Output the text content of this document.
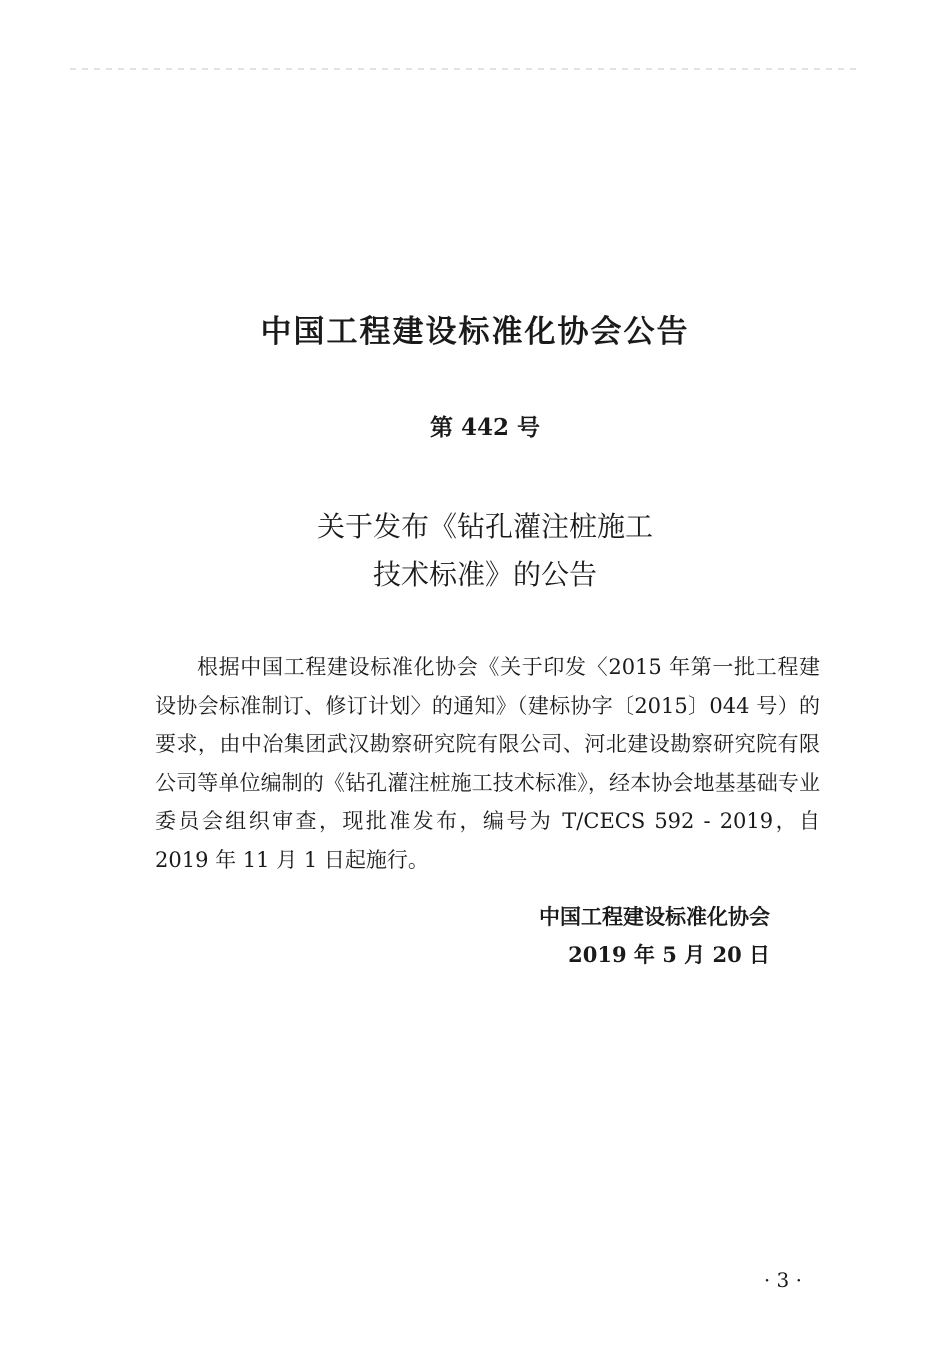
中国工程建设标准化协会公告
第 442 号
关于发布《钻孔灌注桩施工
技术标准》的公告
根据中国工程建设标准化协会《关于印发〈2015 年第一批工程建设协会标准制订、修订计划〉的通知》（建标协字〔2015〕044 号）的要求，由中冶集团武汉勘察研究院有限公司、河北建设勘察研究院有限公司等单位编制的《钻孔灌注桩施工技术标准》，经本协会地基基础专业委员会组织审查，现批准发布，编号为 T/CECS 592 - 2019，自 2019 年 11 月 1 日起施行。
中国工程建设标准化协会
2019 年 5 月 20 日
· 3 ·
